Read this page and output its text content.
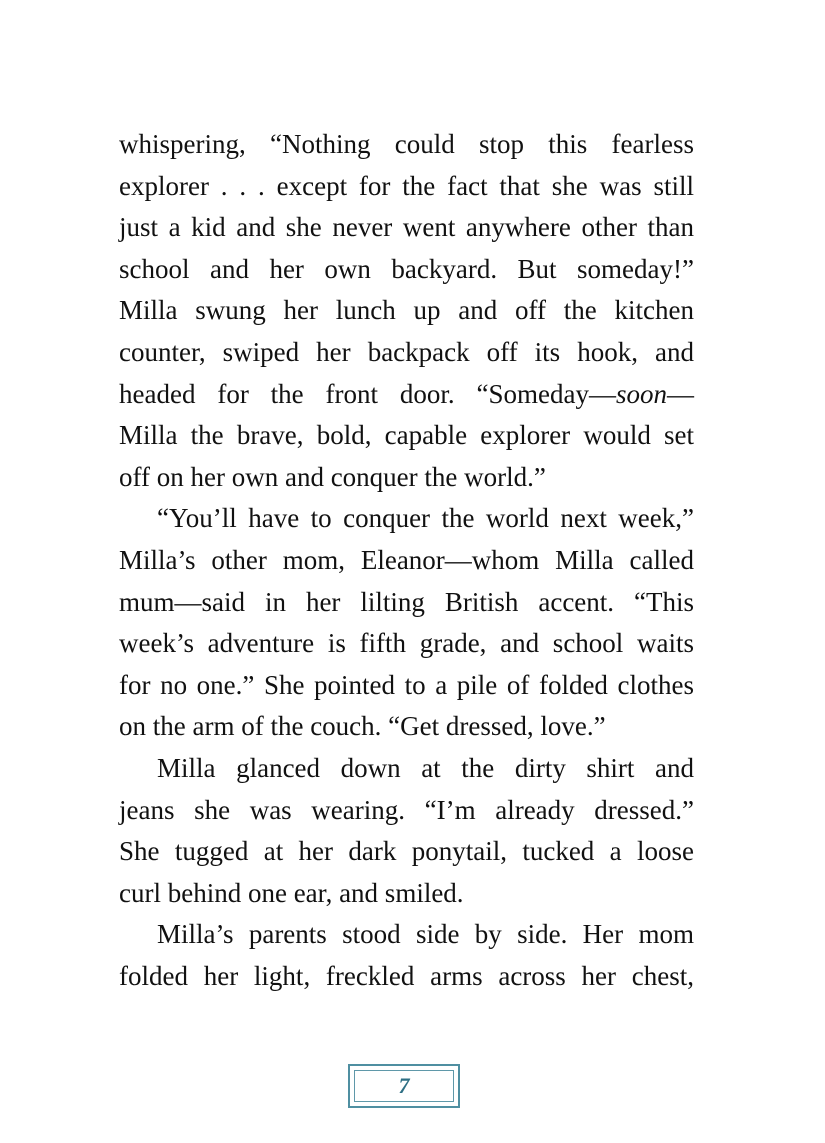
whispering, “Nothing could stop this fearless
explorer . . . except for the fact that she was still
just a kid and she never went anywhere other than
school and her own backyard. But someday!”
Milla swung her lunch up and off the kitchen
counter, swiped her backpack off its hook, and
headed for the front door. “Someday—soon—
Milla the brave, bold, capable explorer would set
off on her own and conquer the world.”
“You’ll have to conquer the world next week,”
Milla’s other mom, Eleanor—whom Milla called
mum—said in her lilting British accent. “This
week’s adventure is fifth grade, and school waits
for no one.” She pointed to a pile of folded clothes
on the arm of the couch. “Get dressed, love.”
Milla glanced down at the dirty shirt and
jeans she was wearing. “I’m already dressed.”
She tugged at her dark ponytail, tucked a loose
curl behind one ear, and smiled.
Milla’s parents stood side by side. Her mom
folded her light, freckled arms across her chest,
7
